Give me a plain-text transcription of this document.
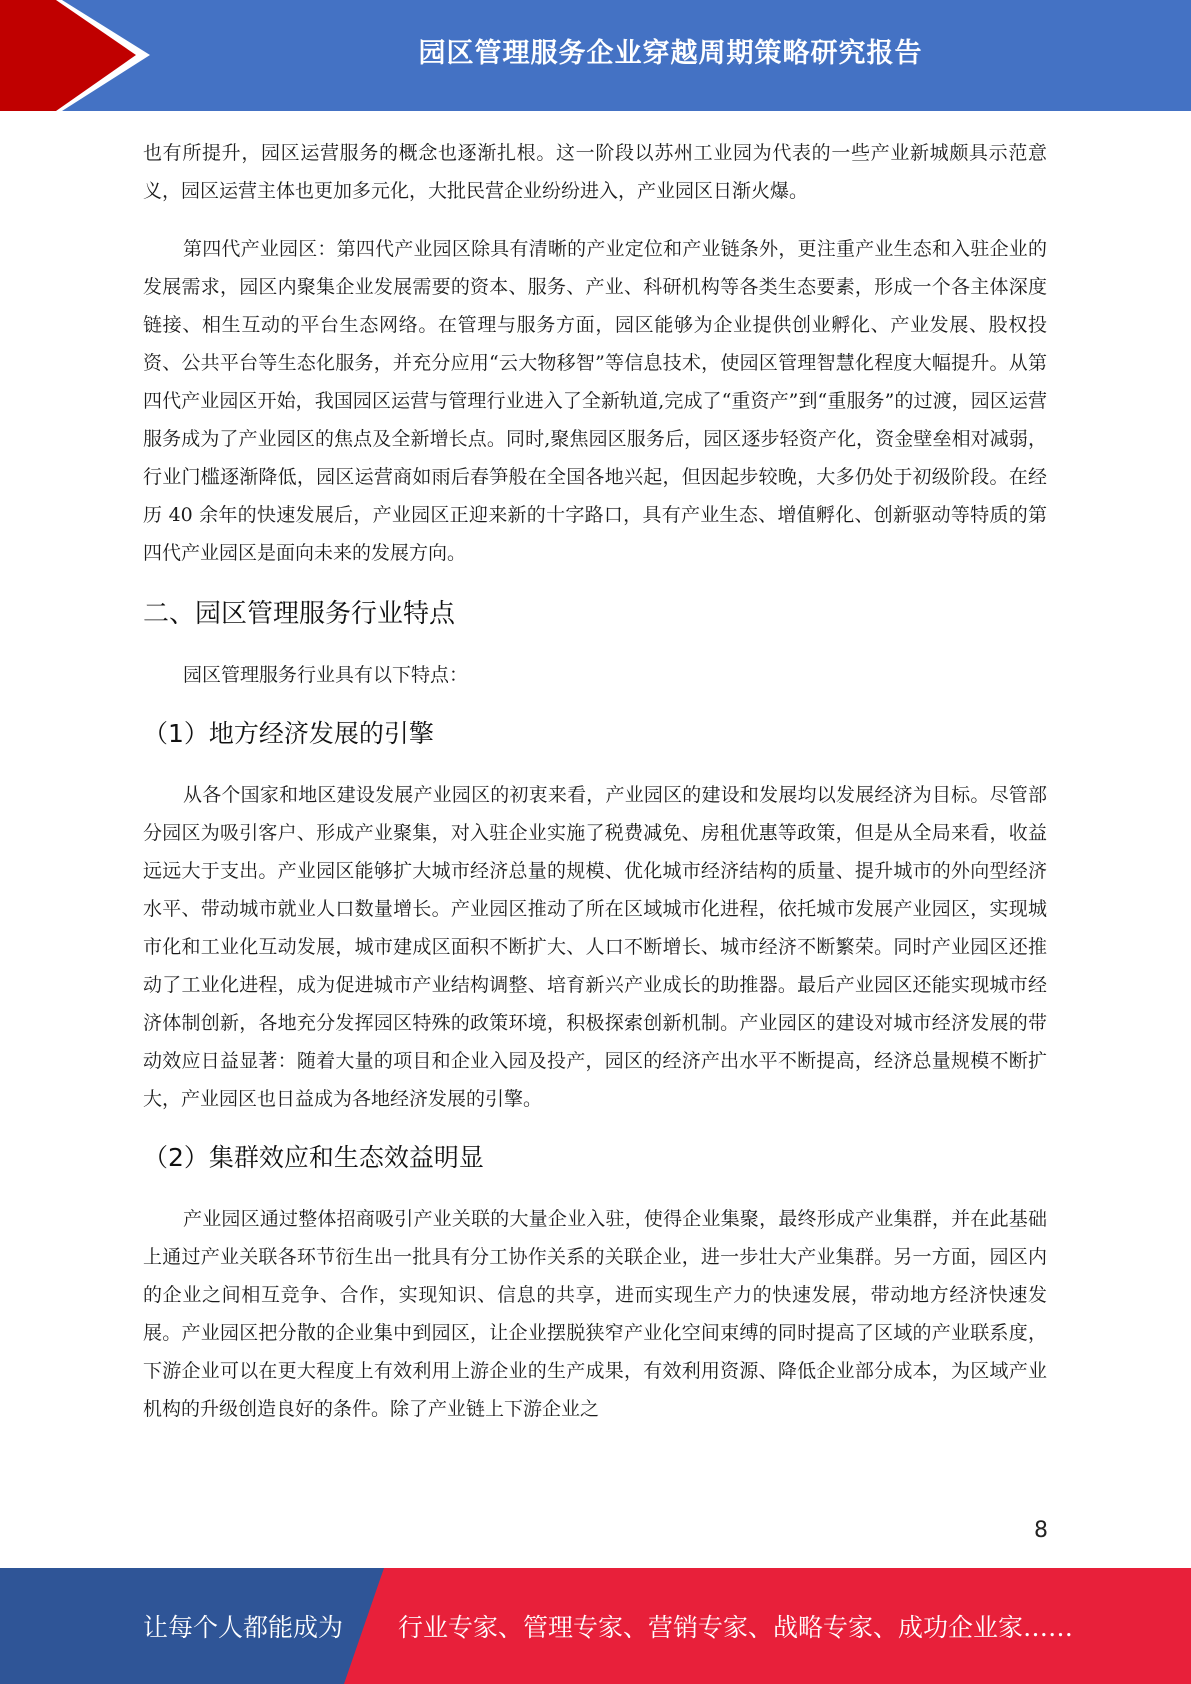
园区管理服务企业穿越周期策略研究报告

也有所提升，园区运营服务的概念也逐渐扎根。这一阶段以苏州工业园为代表的一些产业新城颇具示范意义，园区运营主体也更加多元化，大批民营企业纷纷进入，产业园区日渐火爆。

第四代产业园区：第四代产业园区除具有清晰的产业定位和产业链条外，更注重产业生态和入驻企业的发展需求，园区内聚集企业发展需要的资本、服务、产业、科研机构等各类生态要素，形成一个各主体深度链接、相生互动的平台生态网络。在管理与服务方面，园区能够为企业提供创业孵化、产业发展、股权投资、公共平台等生态化服务，并充分应用“云大物移智”等信息技术，使园区管理智慧化程度大幅提升。从第四代产业园区开始，我国园区运营与管理行业进入了全新轨道,完成了“重资产”到“重服务”的过渡，园区运营服务成为了产业园区的焦点及全新增长点。同时,聚焦园区服务后，园区逐步轻资产化，资金壁垒相对减弱，行业门槛逐渐降低，园区运营商如雨后春笋般在全国各地兴起，但因起步较晚，大多仍处于初级阶段。在经历 40 余年的快速发展后，产业园区正迎来新的十字路口，具有产业生态、增值孵化、创新驱动等特质的第四代产业园区是面向未来的发展方向。

二、园区管理服务行业特点

园区管理服务行业具有以下特点：

（1）地方经济发展的引擎

从各个国家和地区建设发展产业园区的初衷来看，产业园区的建设和发展均以发展经济为目标。尽管部分园区为吸引客户、形成产业聚集，对入驻企业实施了税费减免、房租优惠等政策，但是从全局来看，收益远远大于支出。产业园区能够扩大城市经济总量的规模、优化城市经济结构的质量、提升城市的外向型经济水平、带动城市就业人口数量增长。产业园区推动了所在区域城市化进程，依托城市发展产业园区，实现城市化和工业化互动发展，城市建成区面积不断扩大、人口不断增长、城市经济不断繁荣。同时产业园区还推动了工业化进程，成为促进城市产业结构调整、培育新兴产业成长的助推器。最后产业园区还能实现城市经济体制创新，各地充分发挥园区特殊的政策环境，积极探索创新机制。产业园区的建设对城市经济发展的带动效应日益显著：随着大量的项目和企业入园及投产，园区的经济产出水平不断提高，经济总量规模不断扩大，产业园区也日益成为各地经济发展的引擎。

（2）集群效应和生态效益明显

产业园区通过整体招商吸引产业关联的大量企业入驻，使得企业集聚，最终形成产业集群，并在此基础上通过产业关联各环节衍生出一批具有分工协作关系的关联企业，进一步壮大产业集群。另一方面，园区内的企业之间相互竞争、合作，实现知识、信息的共享，进而实现生产力的快速发展，带动地方经济快速发展。产业园区把分散的企业集中到园区，让企业摆脱狭窄产业化空间束缚的同时提高了区域的产业联系度，下游企业可以在更大程度上有效利用上游企业的生产成果，有效利用资源、降低企业部分成本，为区域产业机构的升级创造良好的条件。除了产业链上下游企业之

8
让每个人都能成为 行业专家、管理专家、营销专家、战略专家、成功企业家……
